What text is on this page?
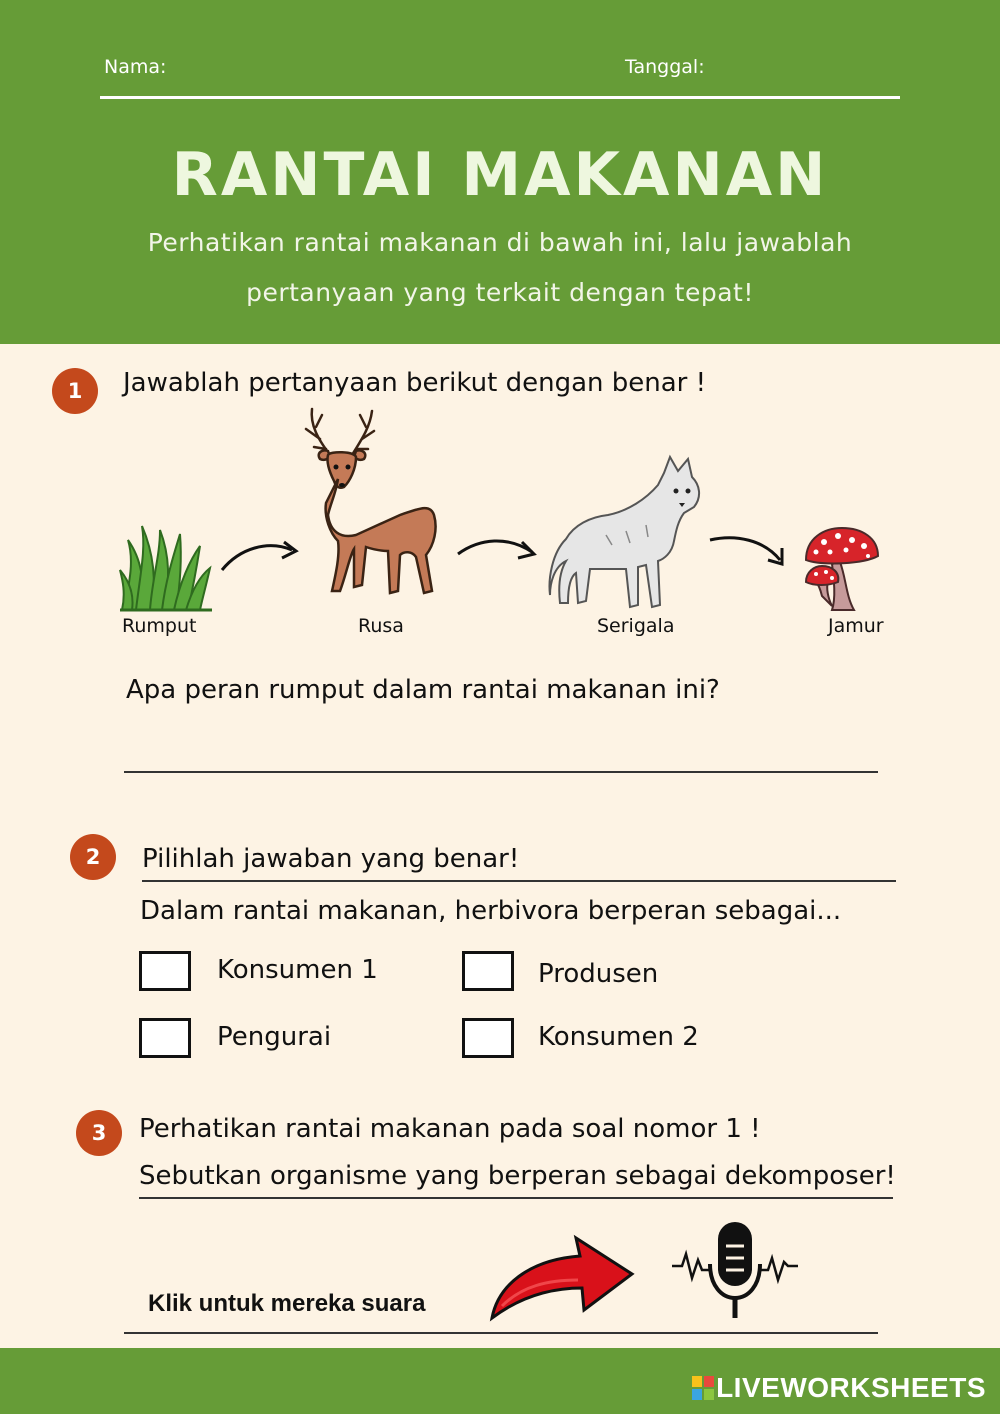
Nama:	Tanggal:
RANTAI MAKANAN
Perhatikan rantai makanan di bawah ini, lalu jawablah
pertanyaan yang terkait dengan tepat!
1	Jawablah pertanyaan berikut dengan benar !
Rumput	Rusa	Serigala	Jamur
Apa peran rumput dalam rantai makanan ini?
2	Pilihlah jawaban yang benar!
Dalam rantai makanan, herbivora berperan sebagai...
Konsumen 1	Produsen
Pengurai	Konsumen 2
3	Perhatikan rantai makanan pada soal nomor 1 !
Sebutkan organisme yang berperan sebagai dekomposer!
Klik untuk mereka suara
LIVEWORKSHEETS
